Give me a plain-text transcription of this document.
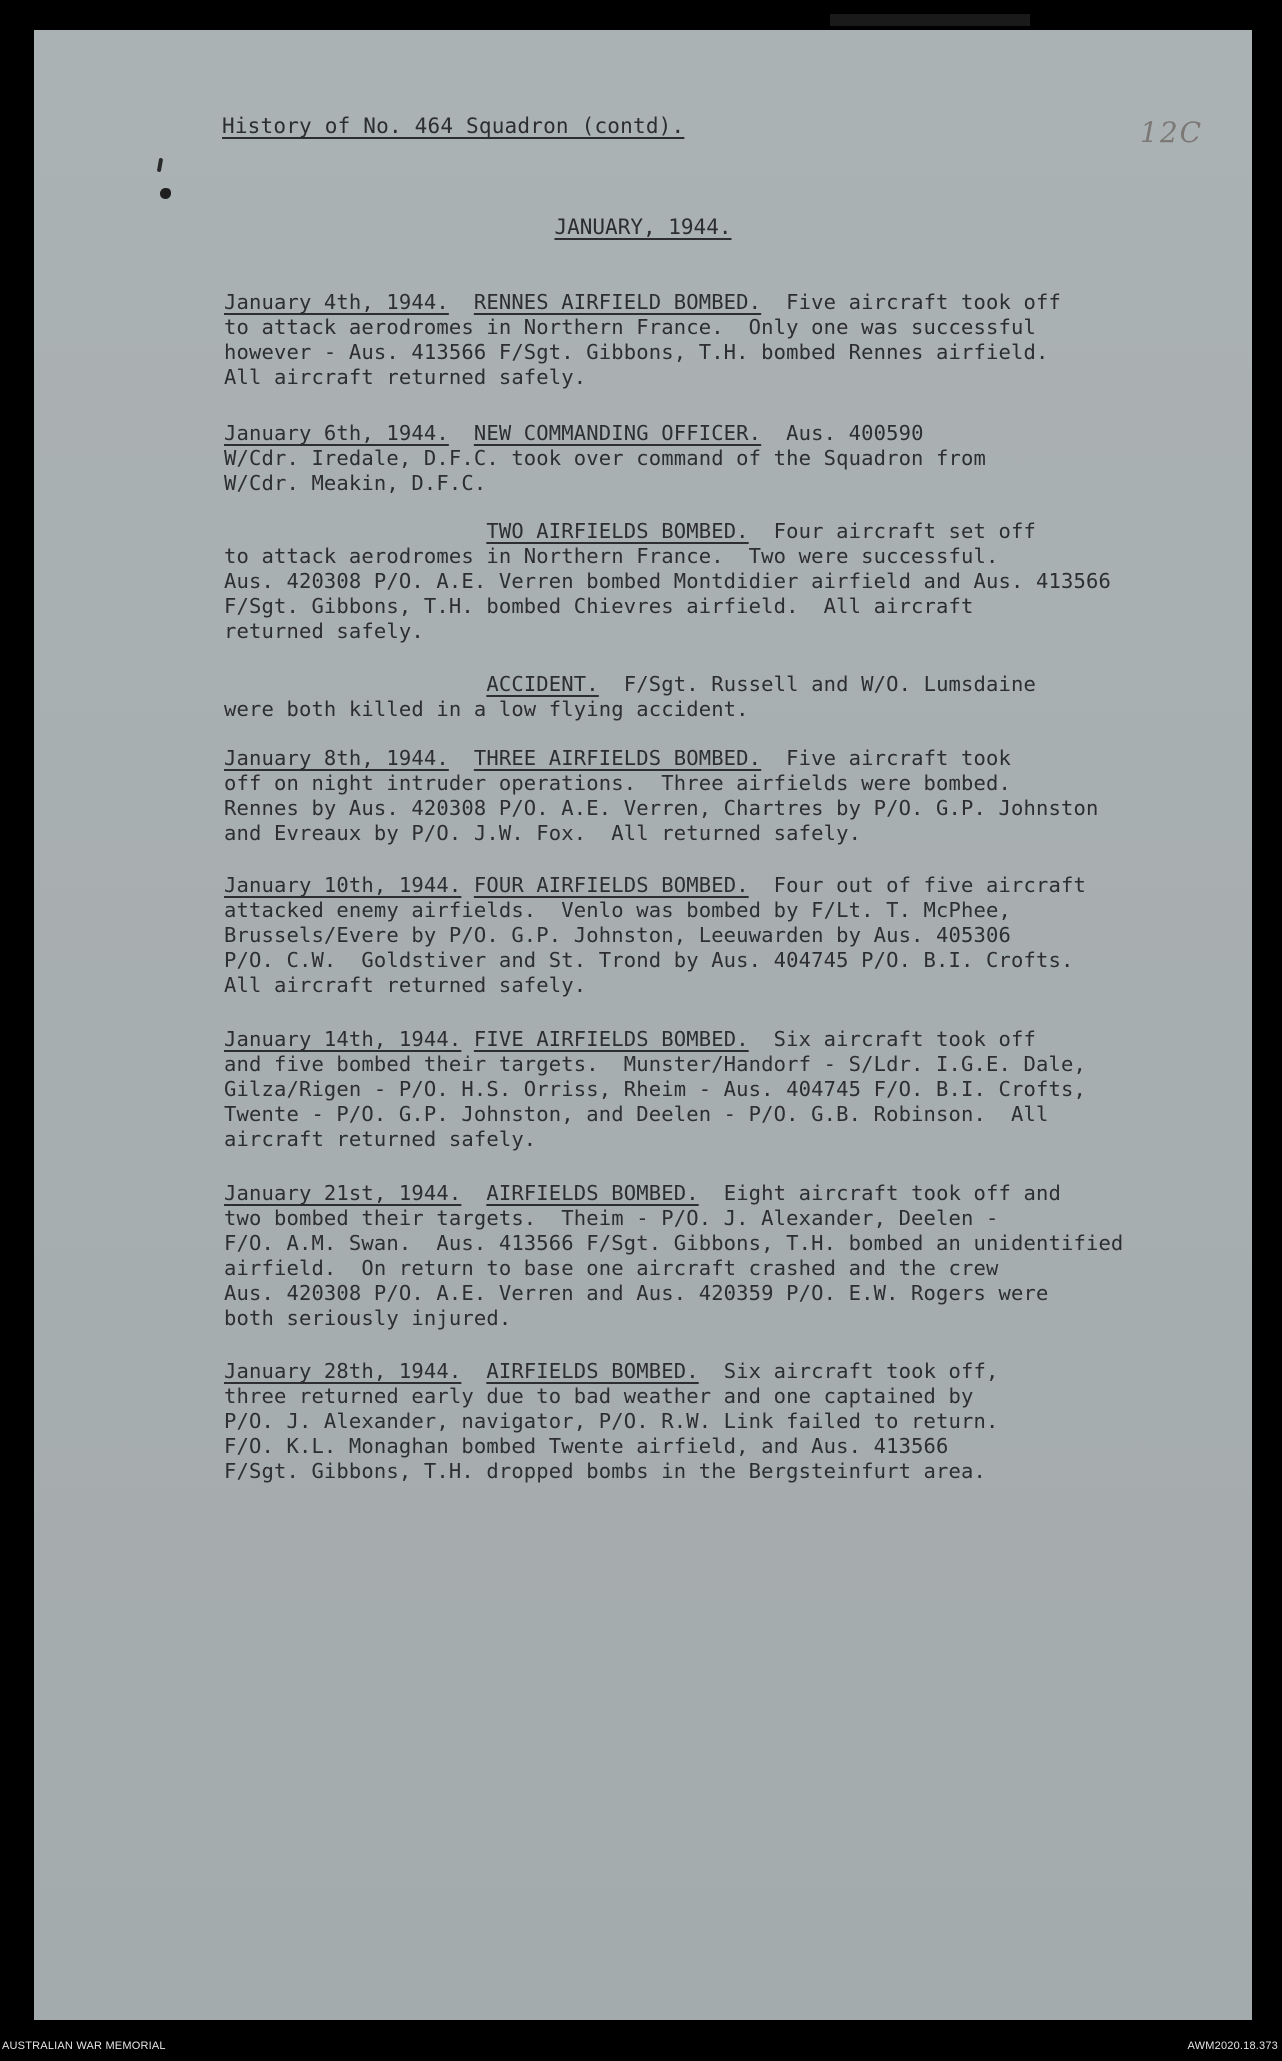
History of No. 464 Squadron (contd).	12C
JANUARY, 1944.
January 4th, 1944. RENNES AIRFIELD BOMBED.  Five aircraft took off
to attack aerodromes in Northern France.  Only one was successful
however - Aus. 413566 F/Sgt. Gibbons, T.H. bombed Rennes airfield.
All aircraft returned safely.
January 6th, 1944. NEW COMMANDING OFFICER.  Aus. 400590
W/Cdr. Iredale, D.F.C. took over command of the Squadron from
W/Cdr. Meakin, D.F.C.
TWO AIRFIELDS BOMBED.  Four aircraft set off
to attack aerodromes in Northern France.  Two were successful.
Aus. 420308 P/O. A.E. Verren bombed Montdidier airfield and Aus. 413566
F/Sgt. Gibbons, T.H. bombed Chievres airfield.  All aircraft
returned safely.
ACCIDENT.  F/Sgt. Russell and W/O. Lumsdaine
were both killed in a low flying accident.
January 8th, 1944. THREE AIRFIELDS BOMBED.  Five aircraft took
off on night intruder operations.  Three airfields were bombed.
Rennes by Aus. 420308 P/O. A.E. Verren, Chartres by P/O. G.P. Johnston
and Evreaux by P/O. J.W. Fox.  All returned safely.
January 10th, 1944. FOUR AIRFIELDS BOMBED.  Four out of five aircraft
attacked enemy airfields.  Venlo was bombed by F/Lt. T. McPhee,
Brussels/Evere by P/O. G.P. Johnston, Leeuwarden by Aus. 405306
P/O. C.W.  Goldstiver and St. Trond by Aus. 404745 P/O. B.I. Crofts.
All aircraft returned safely.
January 14th, 1944. FIVE AIRFIELDS BOMBED.  Six aircraft took off
and five bombed their targets.  Munster/Handorf - S/Ldr. I.G.E. Dale,
Gilza/Rigen - P/O. H.S. Orriss, Rheim - Aus. 404745 F/O. B.I. Crofts,
Twente - P/O. G.P. Johnston, and Deelen - P/O. G.B. Robinson.  All
aircraft returned safely.
January 21st, 1944. AIRFIELDS BOMBED.  Eight aircraft took off and
two bombed their targets.  Theim - P/O. J. Alexander, Deelen -
F/O. A.M. Swan.  Aus. 413566 F/Sgt. Gibbons, T.H. bombed an unidentified
airfield.  On return to base one aircraft crashed and the crew
Aus. 420308 P/O. A.E. Verren and Aus. 420359 P/O. E.W. Rogers were
both seriously injured.
January 28th, 1944. AIRFIELDS BOMBED.  Six aircraft took off,
three returned early due to bad weather and one captained by
P/O. J. Alexander, navigator, P/O. R.W. Link failed to return.
F/O. K.L. Monaghan bombed Twente airfield, and Aus. 413566
F/Sgt. Gibbons, T.H. dropped bombs in the Bergsteinfurt area.
AUSTRALIAN WAR MEMORIAL	AWM2020.18.373
